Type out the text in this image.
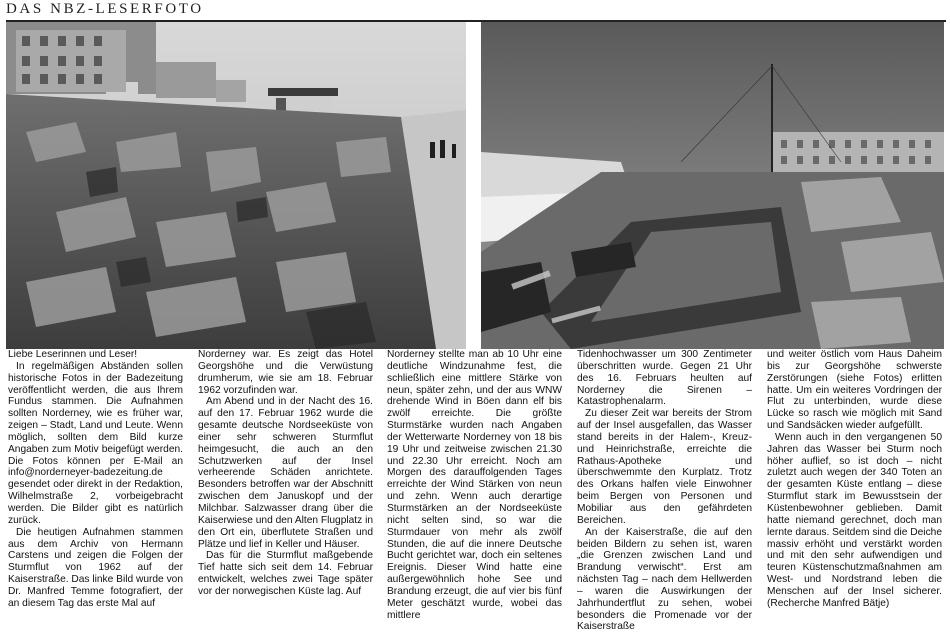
DAS NBZ-LESERFOTO

Liebe Leserinnen und Leser!

In regelmäßigen Abständen sollen historische Fotos in der Badezeitung veröffentlicht werden, die aus Ihrem Fundus stammen. Die Aufnahmen sollten Norderney, wie es früher war, zeigen – Stadt, Land und Leute. Wenn möglich, sollten dem Bild kurze Angaben zum Motiv beigefügt werden. Die Fotos können per E-Mail an info@norderneyer-badezeitung.de gesendet oder direkt in der Redaktion, Wilhelmstraße 2, vorbeigebracht werden. Die Bilder gibt es natürlich zurück.

Die heutigen Aufnahmen stammen aus dem Archiv von Hermann Carstens und zeigen die Folgen der Sturmflut von 1962 auf der Kaiserstraße. Das linke Bild wurde von Dr. Manfred Temme fotografiert, der an diesem Tag das erste Mal auf

Norderney war. Es zeigt das Hotel Georgshöhe und die Verwüstung drumherum, wie sie am 18. Februar 1962 vorzufinden war.

Am Abend und in der Nacht des 16. auf den 17. Februar 1962 wurde die gesamte deutsche Nordseeküste von einer sehr schweren Sturmflut heimgesucht, die auch an den Schutzwerken auf der Insel verheerende Schäden anrichtete. Besonders betroffen war der Abschnitt zwischen dem Januskopf und der Milchbar. Salzwasser drang über die Kaiserwiese und den Alten Flugplatz in den Ort ein, überflutete Straßen und Plätze und lief in Keller und Häuser.

Das für die Sturmflut maßgebende Tief hatte sich seit dem 14. Februar entwickelt, welches zwei Tage später vor der norwegischen Küste lag. Auf

Norderney stellte man ab 10 Uhr eine deutliche Windzunahme fest, die schließlich eine mittlere Stärke von neun, später zehn, und der aus WNW drehende Wind in Böen dann elf bis zwölf erreichte. Die größte Sturmstärke wurden nach Angaben der Wetterwarte Norderney von 18 bis 19 Uhr und zeitweise zwischen 21.30 und 22.30 Uhr erreicht. Noch am Morgen des darauffolgenden Tages erreichte der Wind Stärken von neun und zehn. Wenn auch derartige Sturmstärken an der Nordseeküste nicht selten sind, so war die Sturmdauer von mehr als zwölf Stunden, die auf die innere Deutsche Bucht gerichtet war, doch ein seltenes Ereignis. Dieser Wind hatte eine außergewöhnlich hohe See und Brandung erzeugt, die auf vier bis fünf Meter geschätzt wurde, wobei das mittlere

Tidenhochwasser um 300 Zentimeter überschritten wurde. Gegen 21 Uhr des 16. Februars heulten auf Norderney die Sirenen – Katastrophenalarm.

Zu dieser Zeit war bereits der Strom auf der Insel ausgefallen, das Wasser stand bereits in der Halem-, Kreuz- und Heinrichstraße, erreichte die Rathaus-Apotheke und überschwemmte den Kurplatz. Trotz des Orkans halfen viele Einwohner beim Bergen von Personen und Mobiliar aus den gefährdeten Bereichen.

An der Kaiserstraße, die auf den beiden Bildern zu sehen ist, waren „die Grenzen zwischen Land und Brandung verwischt“. Erst am nächsten Tag – nach dem Hellwerden – waren die Auswirkungen der Jahrhundertflut zu sehen, wobei besonders die Promenade vor der Kaiserstraße

und weiter östlich vom Haus Daheim bis zur Georgshöhe schwerste Zerstörungen (siehe Fotos) erlitten hatte. Um ein weiteres Vordringen der Flut zu unterbinden, wurde diese Lücke so rasch wie möglich mit Sand und Sandsäcken wieder aufgefüllt.

Wenn auch in den vergangenen 50 Jahren das Wasser bei Sturm noch höher auflief, so ist doch – nicht zuletzt auch wegen der 340 Toten an der gesamten Küste entlang – diese Sturmflut stark im Bewusstsein der Küstenbewohner geblieben. Damit hatte niemand gerechnet, doch man lernte daraus. Seitdem sind die Deiche massiv erhöht und verstärkt worden und mit den sehr aufwendigen und teuren Küstenschutzmaßnahmen am West- und Nordstrand leben die Menschen auf der Insel sicherer. (Recherche Manfred Bätje)
